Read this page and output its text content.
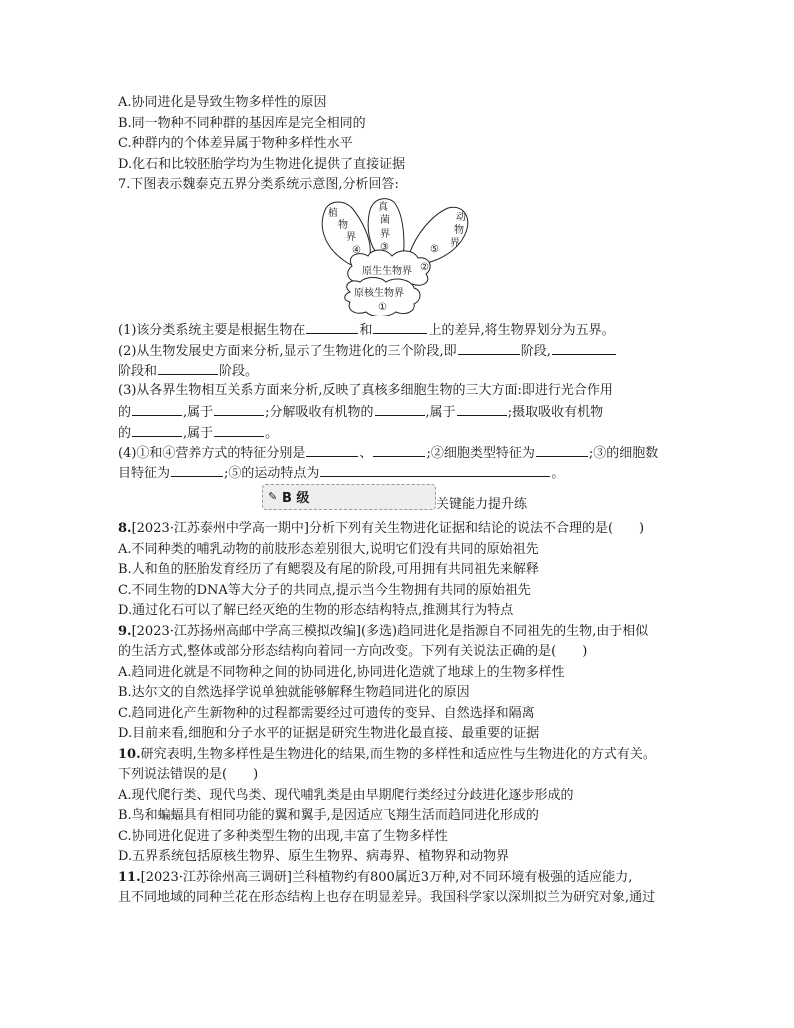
A.协同进化是导致生物多样性的原因
B.同一物种不同种群的基因库是完全相同的
C.种群内的个体差异属于物种多样性水平
D.化石和比较胚胎学均为生物进化提供了直接证据
7.下图表示魏泰克五界分类系统示意图,分析回答:
植
物
界
④
真
菌
界
③
动
物
界
⑤
原生生物界 ②
原核生物界
①
(1)该分类系统主要是根据生物在	和	上的差异,将生物界划分为五界。
(2)从生物发展史方面来分析,显示了生物进化的三个阶段,即	阶段,
阶段和	阶段。
(3)从各界生物相互关系方面来分析,反映了真核多细胞生物的三大方面:即进行光合作用
的	,属于	;分解吸收有机物的	,属于	;摄取吸收有机物
的	,属于	。
(4)①和④营养方式的特征分别是	、	;②细胞类型特征为	;③的细胞数
目特征为	;⑤的运动特点为	。
✎ B 级	关键能力提升练
8.[2023·江苏泰州中学高一期中]分析下列有关生物进化证据和结论的说法不合理的是(　　)
A.不同种类的哺乳动物的前肢形态差别很大,说明它们没有共同的原始祖先
B.人和鱼的胚胎发育经历了有鳃裂及有尾的阶段,可用拥有共同祖先来解释
C.不同生物的DNA等大分子的共同点,提示当今生物拥有共同的原始祖先
D.通过化石可以了解已经灭绝的生物的形态结构特点,推测其行为特点
9.[2023·江苏扬州高邮中学高三模拟改编](多选)趋同进化是指源自不同祖先的生物,由于相似
的生活方式,整体或部分形态结构向着同一方向改变。下列有关说法正确的是(　　)
A.趋同进化就是不同物种之间的协同进化,协同进化造就了地球上的生物多样性
B.达尔文的自然选择学说单独就能够解释生物趋同进化的原因
C.趋同进化产生新物种的过程都需要经过可遗传的变异、自然选择和隔离
D.目前来看,细胞和分子水平的证据是研究生物进化最直接、最重要的证据
10.研究表明,生物多样性是生物进化的结果,而生物的多样性和适应性与生物进化的方式有关。
下列说法错误的是(　　)
A.现代爬行类、现代鸟类、现代哺乳类是由早期爬行类经过分歧进化逐步形成的
B.鸟和蝙蝠具有相同功能的翼和翼手,是因适应飞翔生活而趋同进化形成的
C.协同进化促进了多种类型生物的出现,丰富了生物多样性
D.五界系统包括原核生物界、原生生物界、病毒界、植物界和动物界
11.[2023·江苏徐州高三调研]兰科植物约有800属近3万种,对不同环境有极强的适应能力,
且不同地域的同种兰花在形态结构上也存在明显差异。我国科学家以深圳拟兰为研究对象,通过
